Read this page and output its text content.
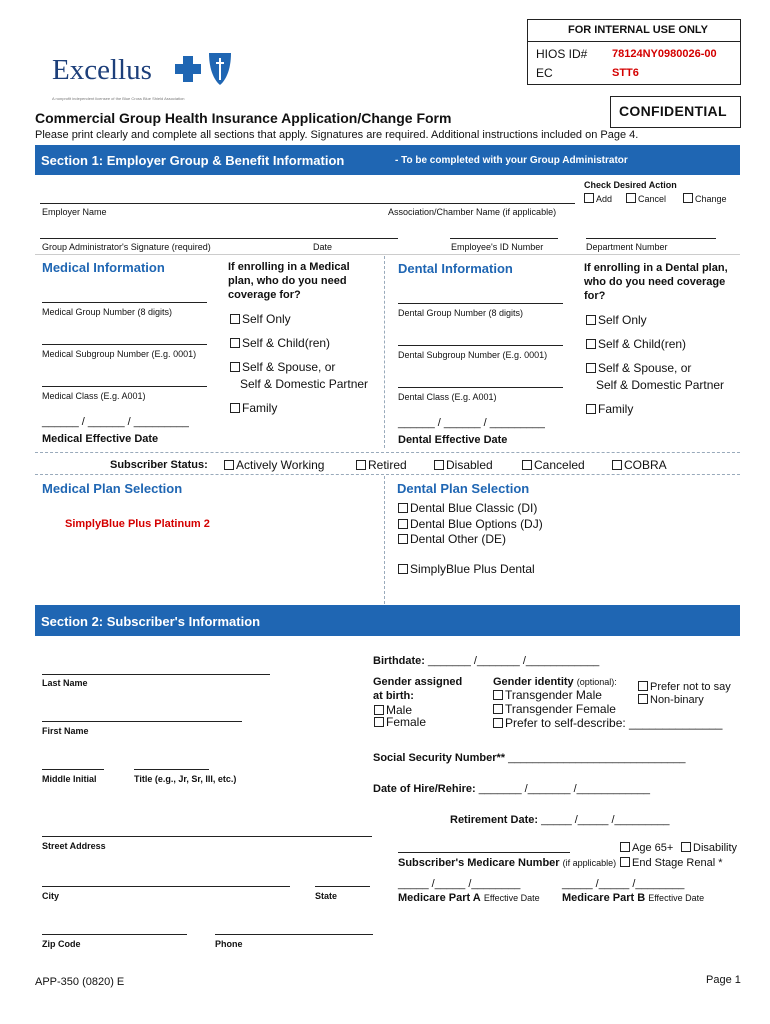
FOR INTERNAL USE ONLY
HIOS ID# 78124NY0980026-00
EC	STT6
Excellus
A nonprofit independent licensee of the Blue Cross Blue Shield Association
CONFIDENTIAL
Commercial Group Health Insurance Application/Change Form
Please print clearly and complete all sections that apply. Signatures are required. Additional instructions included on Page 4.
Section 1: Employer Group & Benefit Information	- To be completed with your Group Administrator
Check Desired Action
Add	Cancel	Change
Employer Name	Association/Chamber Name (if applicable)
Group Administrator's Signature (required)	Date	Employee's ID Number	Department Number
Medical Information	If enrolling in a Medical plan, who do you need coverage for?
Medical Group Number (8 digits)
Medical Subgroup Number (E.g. 0001)
Medical Class (E.g. A001)
______ / ______ / _________
Medical Effective Date
Self Only
Self & Child(ren)
Self & Spouse, or
Self & Domestic Partner
Family
Dental Information	If enrolling in a Dental plan, who do you need coverage for?
Dental Group Number (8 digits)
Dental Subgroup Number (E.g. 0001)
Dental Class (E.g. A001)
______ / ______ / _________
Dental Effective Date
Self Only
Self & Child(ren)
Self & Spouse, or
Self & Domestic Partner
Family
Subscriber Status:	Actively Working	Retired	Disabled	Canceled	COBRA
Medical Plan Selection
SimplyBlue Plus Platinum 2
Dental Plan Selection
Dental Blue Classic (DI)
Dental Blue Options (DJ)
Dental Other (DE)
SimplyBlue Plus Dental
Section 2: Subscriber's Information
Last Name
First Name
Middle Initial	Title (e.g., Jr, Sr, III, etc.)
Street Address
City	State
Zip Code	Phone
Birthdate: _______ /_______ /____________
Gender assigned
at birth:
Male
Female
Gender identity (optional):
Transgender Male
Transgender Female
Prefer to self-describe: ______________
Prefer not to say
Non-binary
Social Security Number** _____________________________
Date of Hire/Rehire: _______ /_______ /____________
Retirement Date: _____ /_____ /_________
Age 65+	Disability
Subscriber's Medicare Number (if applicable)	End Stage Renal *
_____ /_____ /________	_____ /_____ /________
Medicare Part A Effective Date Medicare Part B Effective Date
APP-350 (0820) E	Page 1
